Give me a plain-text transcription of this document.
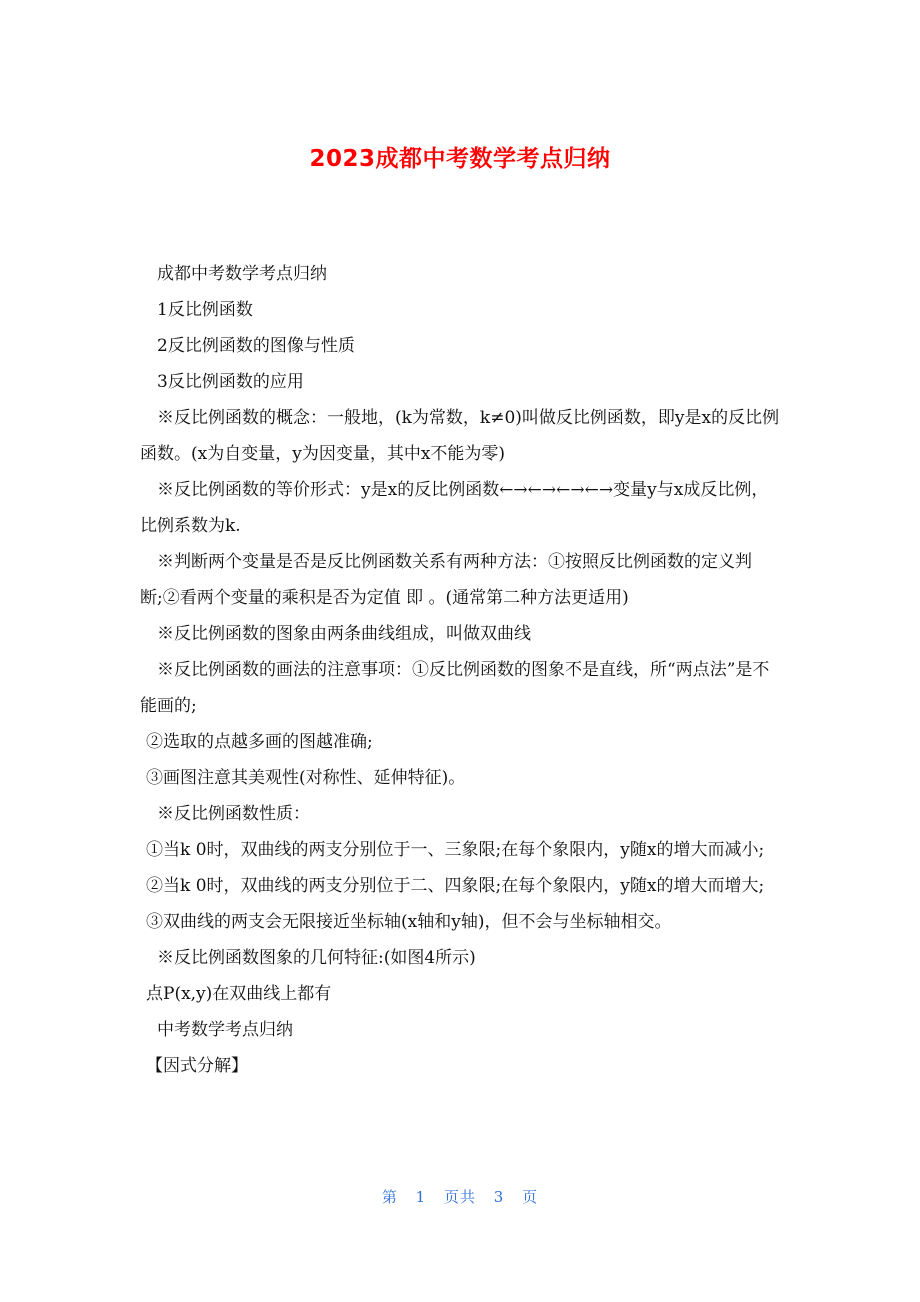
2023成都中考数学考点归纳

成都中考数学考点归纳

1反比例函数

2反比例函数的图像与性质

3反比例函数的应用

※反比例函数的概念：一般地，(k为常数，k≠0)叫做反比例函数，即y是x的反比例函数。(x为自变量，y为因变量，其中x不能为零)

※反比例函数的等价形式：y是x的反比例函数←→←→←→←→变量y与x成反比例，比例系数为k.

※判断两个变量是否是反比例函数关系有两种方法：①按照反比例函数的定义判断;②看两个变量的乘积是否为定值 即 。(通常第二种方法更适用)

※反比例函数的图象由两条曲线组成，叫做双曲线

※反比例函数的画法的注意事项：①反比例函数的图象不是直线，所“两点法”是不能画的;

②选取的点越多画的图越准确;

③画图注意其美观性(对称性、延伸特征)。

※反比例函数性质：

①当k 0时，双曲线的两支分别位于一、三象限;在每个象限内，y随x的增大而减小;

②当k 0时，双曲线的两支分别位于二、四象限;在每个象限内，y随x的增大而增大;

③双曲线的两支会无限接近坐标轴(x轴和y轴)，但不会与坐标轴相交。

※反比例函数图象的几何特征:(如图4所示)

点P(x,y)在双曲线上都有

中考数学考点归纳

【因式分解】

第 1 页共 3 页
